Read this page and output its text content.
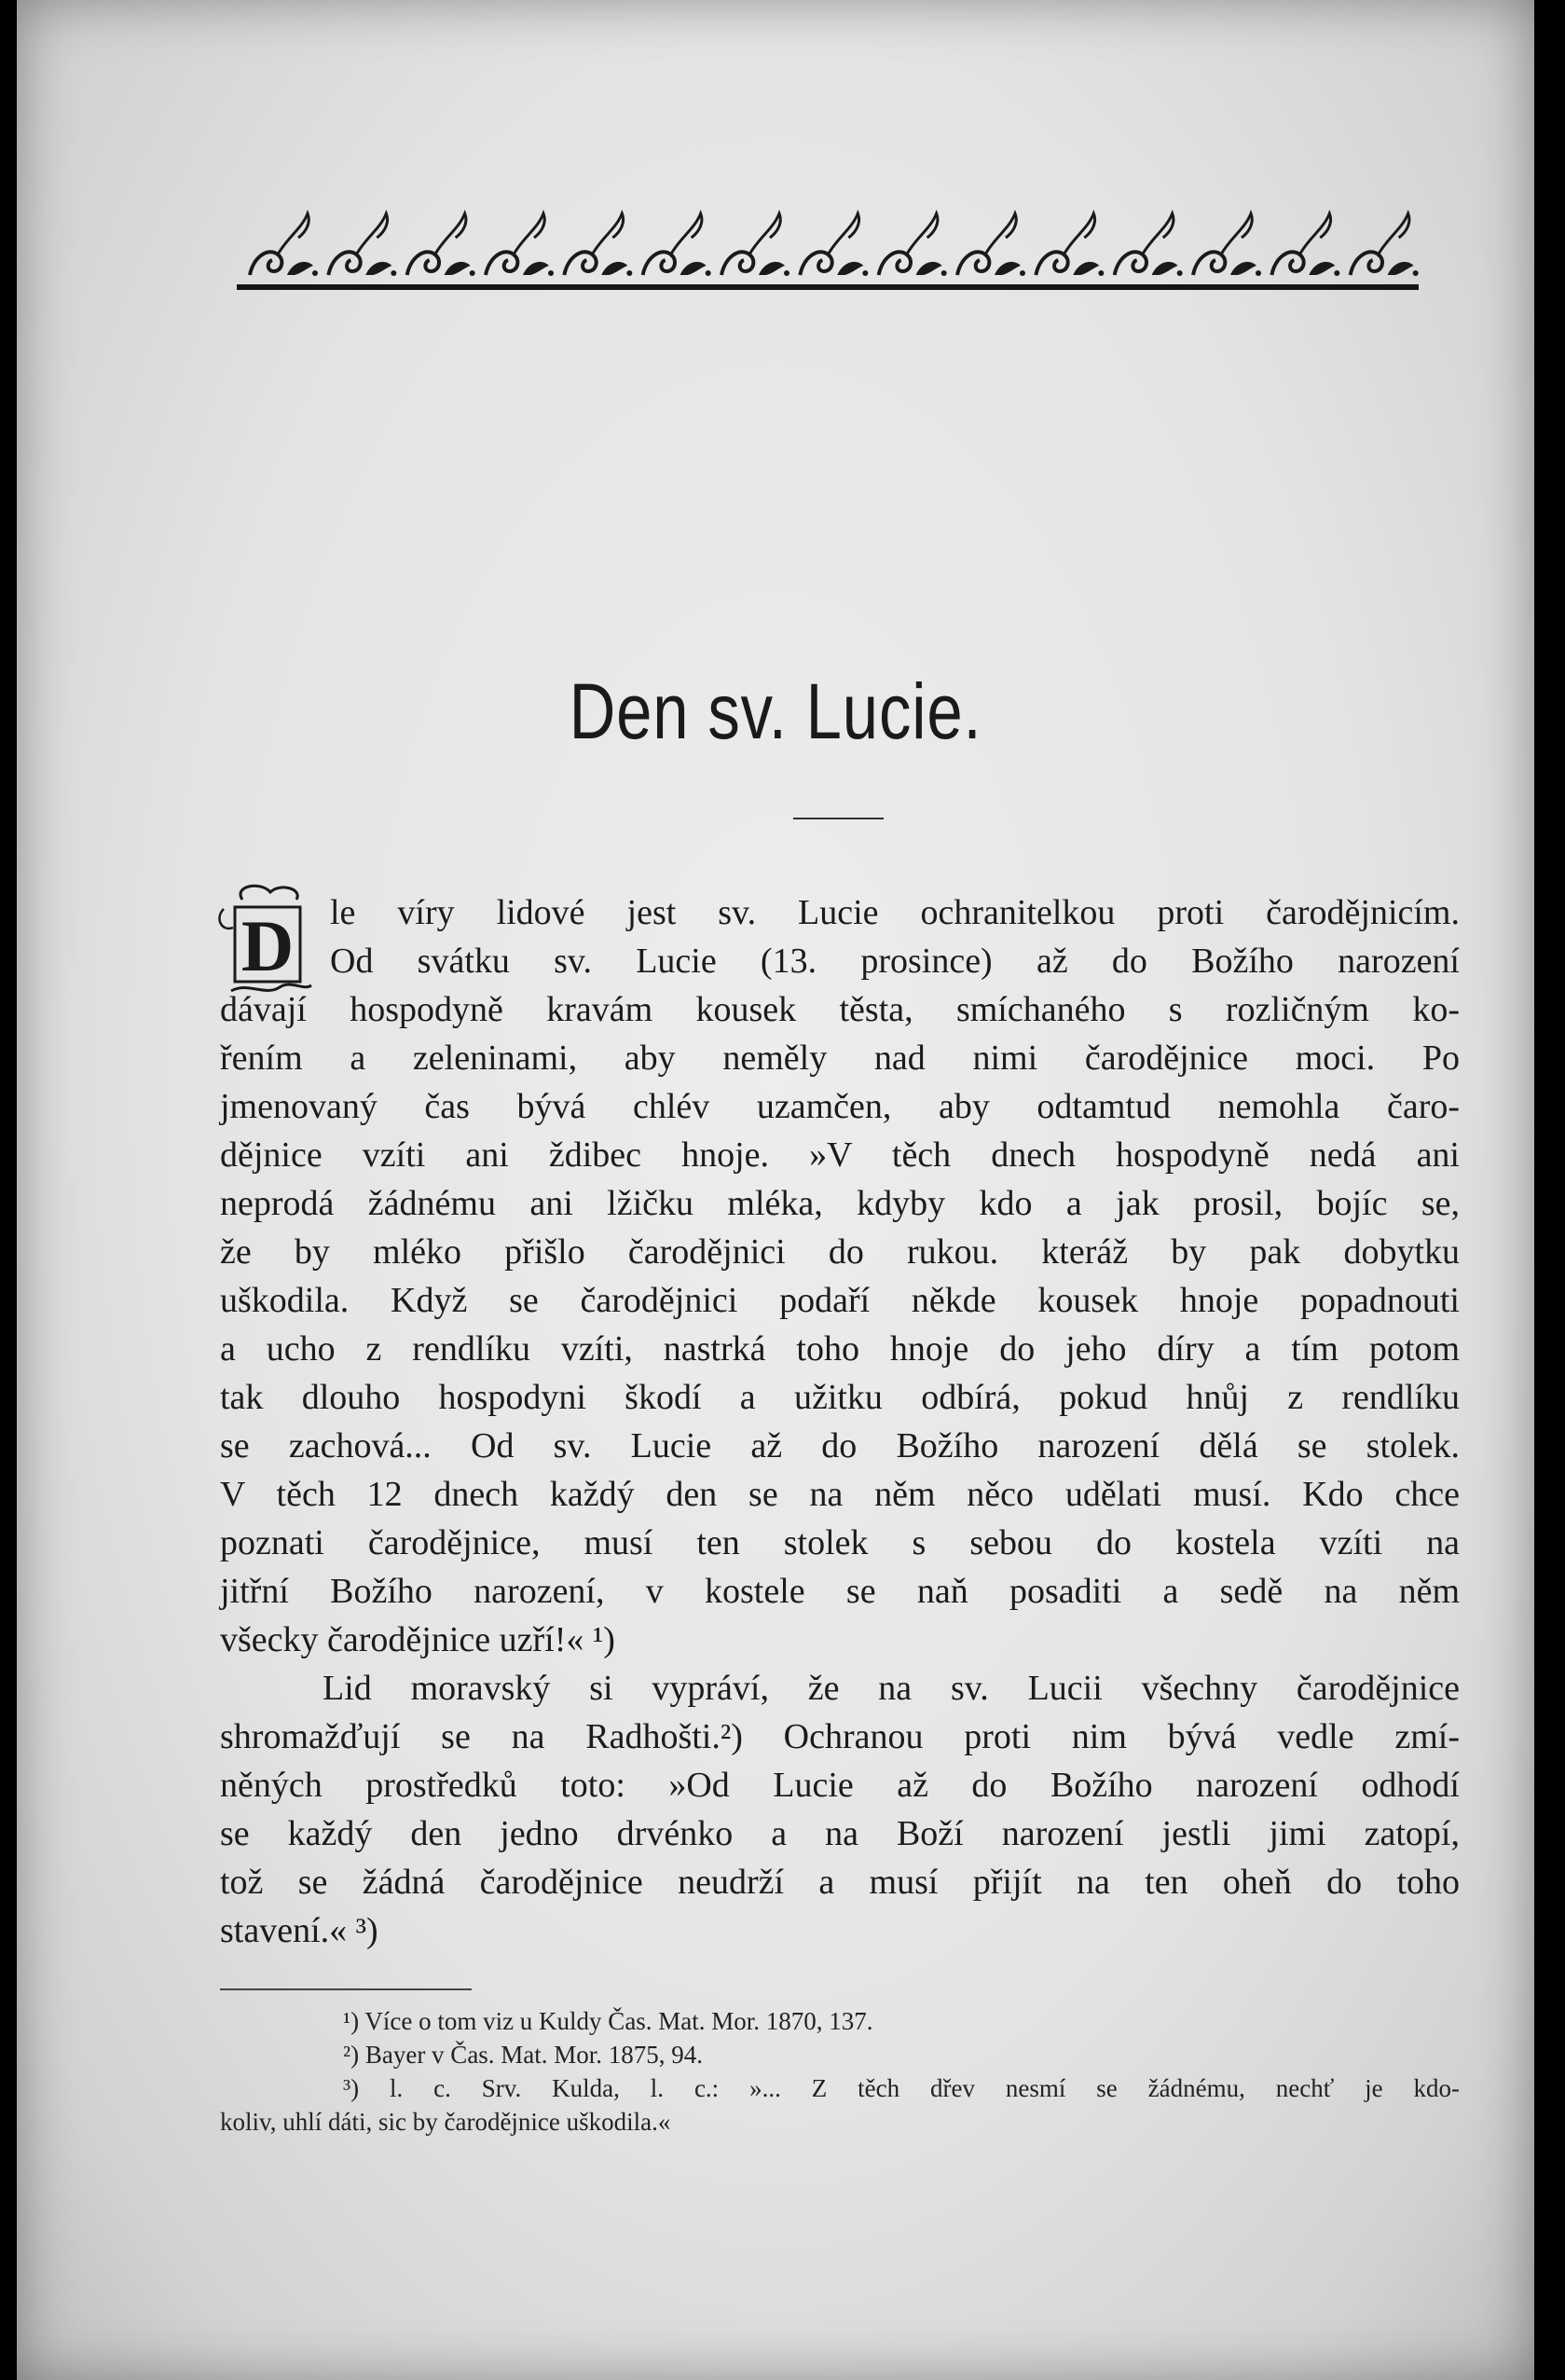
Den sv. Lucie.
D	le víry lidové jest sv. Lucie ochranitelkou proti čarodějnicím.
Od svátku sv. Lucie (13. prosince) až do Božího narození
dávají hospodyně kravám kousek těsta, smíchaného s rozličným ko-
řením a zeleninami, aby neměly nad nimi čarodějnice moci. Po
jmenovaný čas bývá chlév uzamčen, aby odtamtud nemohla čaro-
dějnice vzíti ani ždibec hnoje. »V těch dnech hospodyně nedá ani
neprodá žádnému ani lžičku mléka, kdyby kdo a jak prosil, bojíc se,
že by mléko přišlo čarodějnici do rukou. kteráž by pak dobytku
uškodila. Když se čarodějnici podaří někde kousek hnoje popadnouti
a ucho z rendlíku vzíti, nastrká toho hnoje do jeho díry a tím potom
tak dlouho hospodyni škodí a užitku odbírá, pokud hnůj z rendlíku
se zachová... Od sv. Lucie až do Božího narození dělá se stolek.
V těch 12 dnech každý den se na něm něco udělati musí. Kdo chce
poznati čarodějnice, musí ten stolek s sebou do kostela vzíti na
jitřní Božího narození, v kostele se naň posaditi a sedě na něm
všecky čarodějnice uzří!« ¹)
Lid moravský si vypráví, že na sv. Lucii všechny čarodějnice
shromažďují se na Radhošti.²) Ochranou proti nim bývá vedle zmí-
něných prostředků toto: »Od Lucie až do Božího narození odhodí
se každý den jedno drvénko a na Boží narození jestli jimi zatopí,
tož se žádná čarodějnice neudrží a musí přijít na ten oheň do toho
stavení.« ³)
¹) Více o tom viz u Kuldy Čas. Mat. Mor. 1870, 137.
²) Bayer v Čas. Mat. Mor. 1875, 94.
³) l. c. Srv. Kulda, l. c.: »... Z těch dřev nesmí se žádnému, nechť je kdo-
koliv, uhlí dáti, sic by čarodějnice uškodila.«
